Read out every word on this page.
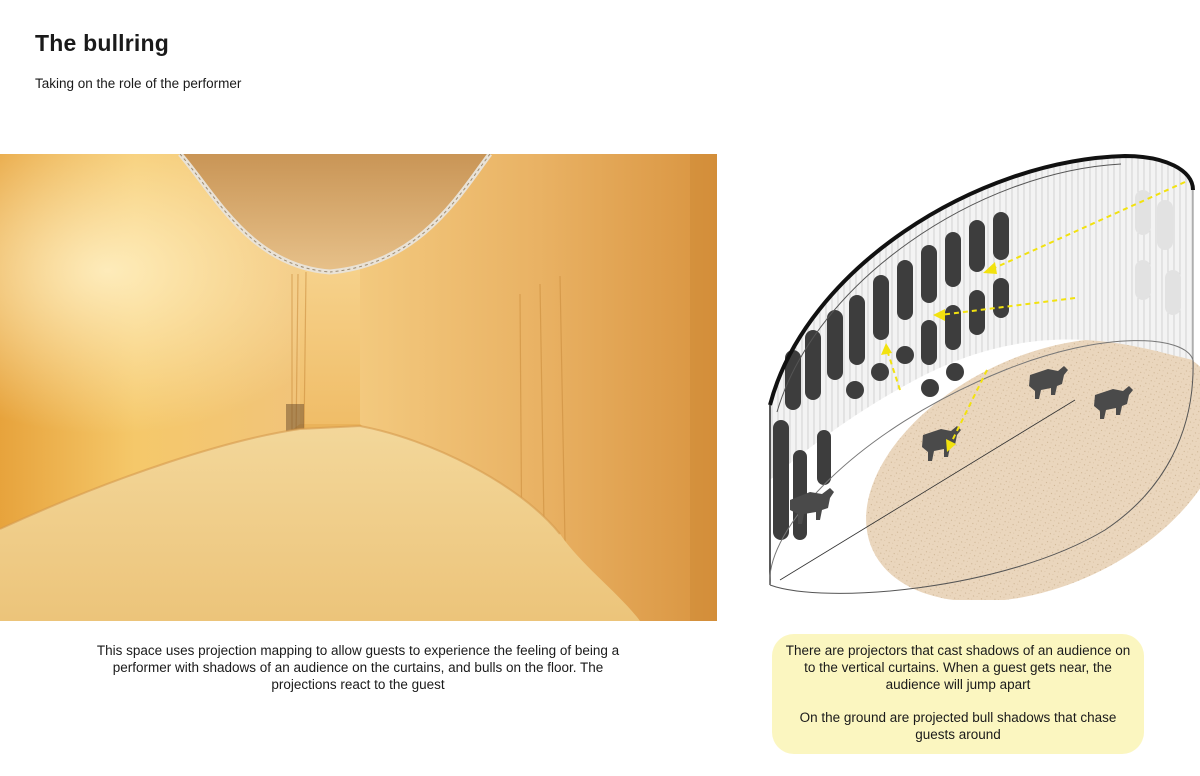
The bullring

Taking on the role of the performer

This space uses projection mapping to allow guests to experience the feeling of being a performer with shadows of an audience on the curtains, and bulls on the floor. The projections react to the guest

There are projectors that cast shadows of an audience on to the vertical curtains. When a guest gets near, the audience will jump apart

On the ground are projected bull shadows that chase guests around
